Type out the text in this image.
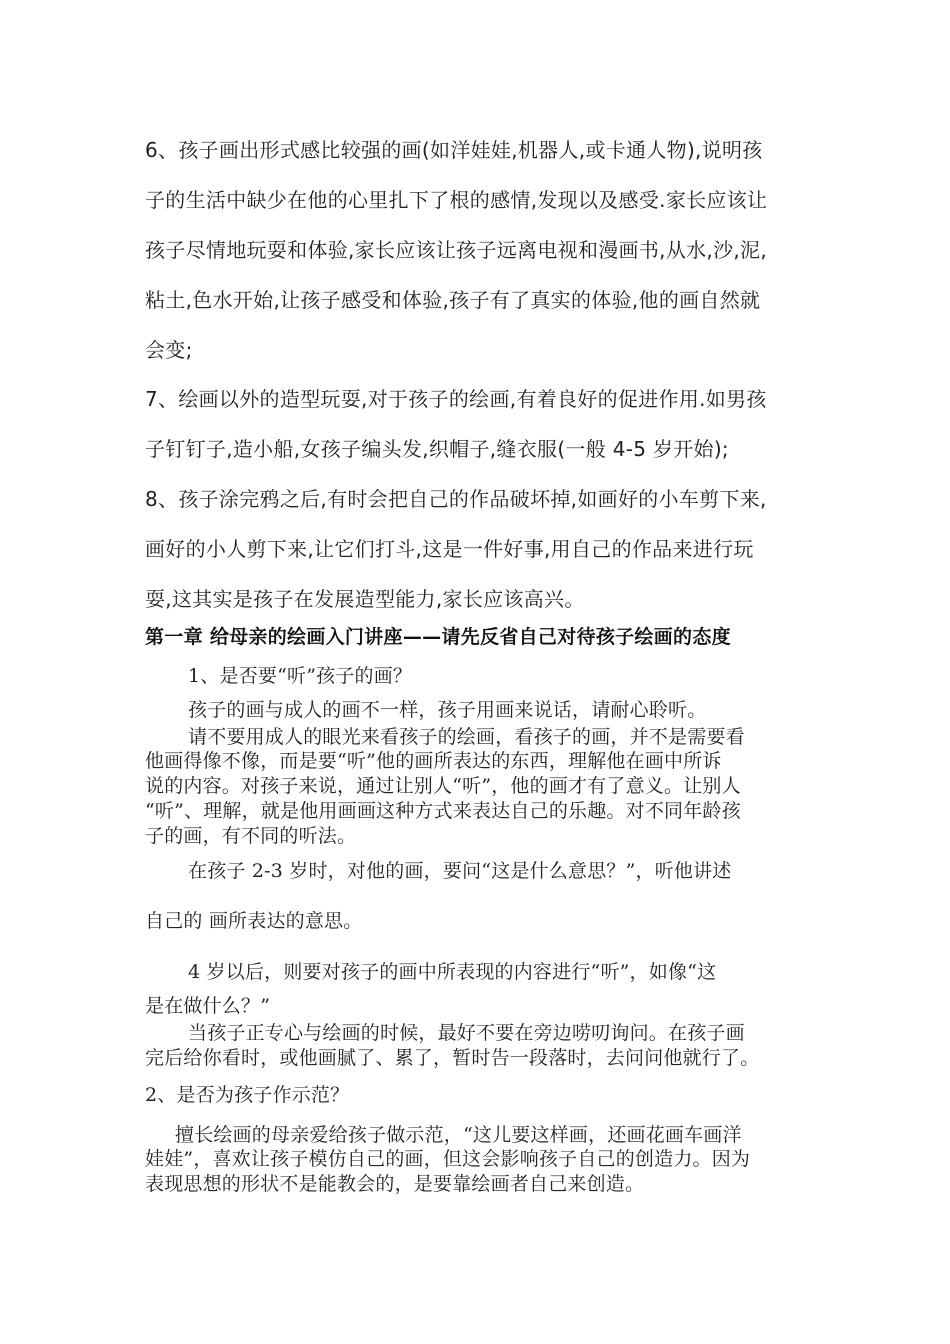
6、孩子画出形式感比较强的画(如洋娃娃,机器人,或卡通人物),说明孩
子的生活中缺少在他的心里扎下了根的感情,发现以及感受.家长应该让
孩子尽情地玩耍和体验,家长应该让孩子远离电视和漫画书,从水,沙,泥,
粘土,色水开始,让孩子感受和体验,孩子有了真实的体验,他的画自然就
会变;
7、绘画以外的造型玩耍,对于孩子的绘画,有着良好的促进作用.如男孩
子钉钉子,造小船,女孩子编头发,织帽子,缝衣服(一般 4-5 岁开始);
8、孩子涂完鸦之后,有时会把自己的作品破坏掉,如画好的小车剪下来,
画好的小人剪下来,让它们打斗,这是一件好事,用自己的作品来进行玩
耍,这其实是孩子在发展造型能力,家长应该高兴。
第一章 给母亲的绘画入门讲座——请先反省自己对待孩子绘画的态度
1、是否要“听”孩子的画？
孩子的画与成人的画不一样，孩子用画来说话，请耐心聆听。
请不要用成人的眼光来看孩子的绘画，看孩子的画，并不是需要看
他画得像不像，而是要“听”他的画所表达的东西，理解他在画中所诉
说的内容。对孩子来说，通过让别人“听”，他的画才有了意义。让别人
“听”、理解，就是他用画画这种方式来表达自己的乐趣。对不同年龄孩
子的画，有不同的听法。
在孩子 2-3 岁时，对他的画，要问“这是什么意思？”，听他讲述
自己的 画所表达的意思。
4 岁以后，则要对孩子的画中所表现的内容进行“听”，如像“这
是在做什么？”
当孩子正专心与绘画的时候，最好不要在旁边唠叨询问。在孩子画
完后给你看时，或他画腻了、累了，暂时告一段落时，去问问他就行了。
2、是否为孩子作示范？
擅长绘画的母亲爱给孩子做示范，“这儿要这样画，还画花画车画洋
娃娃”，喜欢让孩子模仿自己的画，但这会影响孩子自己的创造力。因为
表现思想的形状不是能教会的，是要靠绘画者自己来创造。
